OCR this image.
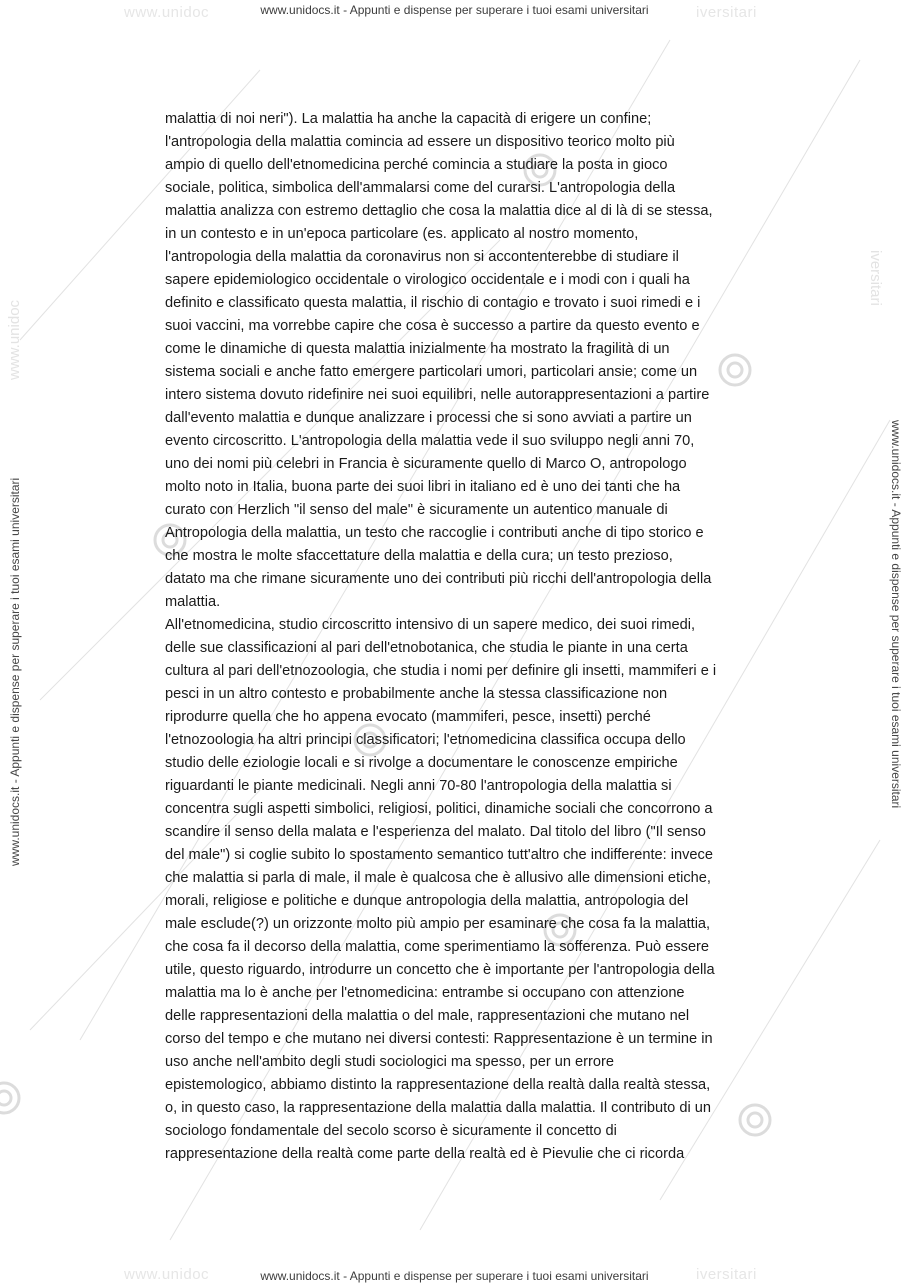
www.unidoc	iversitari
www.unidoc	iversitari
www.unidocs.it - Appunti e dispense per superare i tuoi esami universitari
www.unidocs.it - Appunti e dispense per superare i tuoi esami universitari
www.unidocs.it - Appunti e dispense per superare i tuoi esami universitari	www.unidocs.it - Appunti e dispense per superare i tuoi esami universitari
www.unidoc
iversitari
malattia di noi neri"). La malattia ha anche la capacità di erigere un confine;
l'antropologia della malattia comincia ad essere un dispositivo teorico molto più
ampio di quello dell'etnomedicina perché comincia a studiare la posta in gioco
sociale, politica, simbolica dell'ammalarsi come del curarsi. L'antropologia della
malattia analizza con estremo dettaglio che cosa la malattia dice al di là di se stessa,
in un contesto e in un'epoca particolare (es. applicato al nostro momento,
l'antropologia della malattia da coronavirus non si accontenterebbe di studiare il
sapere epidemiologico occidentale o virologico occidentale e i modi con i quali ha
definito e classificato questa malattia, il rischio di contagio e trovato i suoi rimedi e i
suoi vaccini, ma vorrebbe capire che cosa è successo a partire da questo evento e
come le dinamiche di questa malattia inizialmente ha mostrato la fragilità di un
sistema sociali e anche fatto emergere particolari umori, particolari ansie; come un
intero sistema dovuto ridefinire nei suoi equilibri, nelle autorappresentazioni a partire
dall'evento malattia e dunque analizzare i processi che si sono avviati a partire un
evento circoscritto. L'antropologia della malattia vede il suo sviluppo negli anni 70,
uno dei nomi più celebri in Francia è sicuramente quello di Marco O, antropologo
molto noto in Italia, buona parte dei suoi libri in italiano ed è uno dei tanti che ha
curato con Herzlich "il senso del male" è sicuramente un autentico manuale di
Antropologia della malattia, un testo che raccoglie i contributi anche di tipo storico e
che mostra le molte sfaccettature della malattia e della cura; un testo prezioso,
datato ma che rimane sicuramente uno dei contributi più ricchi dell'antropologia della
malattia.
All'etnomedicina, studio circoscritto intensivo di un sapere medico, dei suoi rimedi,
delle sue classificazioni al pari dell'etnobotanica, che studia le piante in una certa
cultura al pari dell'etnozoologia, che studia i nomi per definire gli insetti, mammiferi e i
pesci in un altro contesto e probabilmente anche la stessa classificazione non
riprodurre quella che ho appena evocato (mammiferi, pesce, insetti) perché
l'etnozoologia ha altri principi classificatori; l'etnomedicina classifica occupa dello
studio delle eziologie locali e si rivolge a documentare le conoscenze empiriche
riguardanti le piante medicinali. Negli anni 70-80 l'antropologia della malattia si
concentra sugli aspetti simbolici, religiosi, politici, dinamiche sociali che concorrono a
scandire il senso della malata e l'esperienza del malato. Dal titolo del libro ("Il senso
del male") si coglie subito lo spostamento semantico tutt'altro che indifferente: invece
che malattia si parla di male, il male è qualcosa che è allusivo alle dimensioni etiche,
morali, religiose e politiche e dunque antropologia della malattia, antropologia del
male esclude(?) un orizzonte molto più ampio per esaminare che cosa fa la malattia,
che cosa fa il decorso della malattia, come sperimentiamo la sofferenza. Può essere
utile, questo riguardo, introdurre un concetto che è importante per l'antropologia della
malattia ma lo è anche per l'etnomedicina: entrambe si occupano con attenzione
delle rappresentazioni della malattia o del male, rappresentazioni che mutano nel
corso del tempo e che mutano nei diversi contesti: Rappresentazione è un termine in
uso anche nell'ambito degli studi sociologici ma spesso, per un errore
epistemologico, abbiamo distinto la rappresentazione della realtà dalla realtà stessa,
o, in questo caso, la rappresentazione della malattia dalla malattia. Il contributo di un
sociologo fondamentale del secolo scorso è sicuramente il concetto di
rappresentazione della realtà come parte della realtà ed è Pievulie che ci ricorda
